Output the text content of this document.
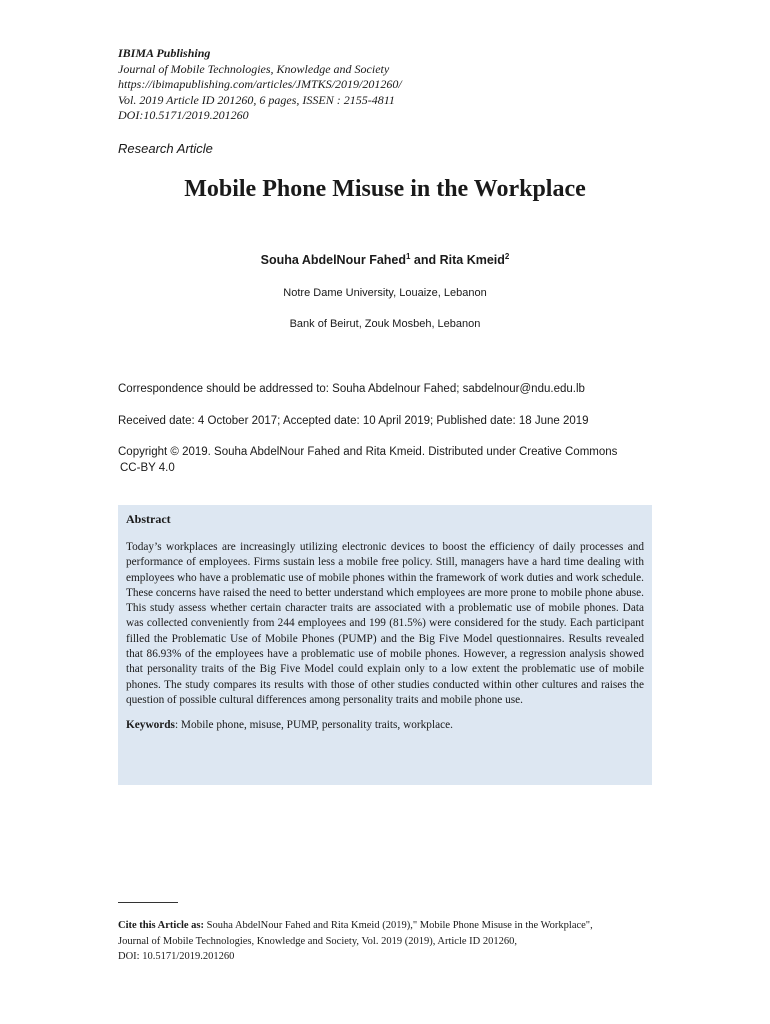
IBIMA Publishing
Journal of Mobile Technologies, Knowledge and Society
https://ibimapublishing.com/articles/JMTKS/2019/201260/
Vol. 2019 Article ID 201260, 6 pages, ISSEN : 2155-4811
DOI:10.5171/2019.201260
Research Article
Mobile Phone Misuse in the Workplace
Souha AbdelNour Fahed$^1$ and Rita Kmeid$^2$
Notre Dame University, Louaize, Lebanon
Bank of Beirut, Zouk Mosbeh, Lebanon
Correspondence should be addressed to: Souha Abdelnour Fahed; sabdelnour@ndu.edu.lb
Received date: 4 October 2017; Accepted date: 10 April 2019; Published date: 18 June 2019
Copyright © 2019. Souha AbdelNour Fahed and Rita Kmeid. Distributed under Creative Commons
CC-BY 4.0
Abstract
Today’s workplaces are increasingly utilizing electronic devices to boost the efficiency of daily processes and performance of employees. Firms sustain less a mobile free policy. Still, managers have a hard time dealing with employees who have a problematic use of mobile phones within the framework of work duties and work schedule. These concerns have raised the need to better understand which employees are more prone to mobile phone abuse. This study assess whether certain character traits are associated with a problematic use of mobile phones. Data was collected conveniently from 244 employees and 199 (81.5%) were considered for the study. Each participant filled the Problematic Use of Mobile Phones (PUMP) and the Big Five Model questionnaires. Results revealed that 86.93% of the employees have a problematic use of mobile phones. However, a regression analysis showed that personality traits of the Big Five Model could explain only to a low extent the problematic use of mobile phones. The study compares its results with those of other studies conducted within other cultures and raises the question of possible cultural differences among personality traits and mobile phone use.
Keywords: Mobile phone, misuse, PUMP, personality traits, workplace.
Cite this Article as: Souha AbdelNour Fahed and Rita Kmeid (2019)," Mobile Phone Misuse in the Workplace",
Journal of Mobile Technologies, Knowledge and Society, Vol. 2019 (2019), Article ID 201260,
DOI: 10.5171/2019.201260
